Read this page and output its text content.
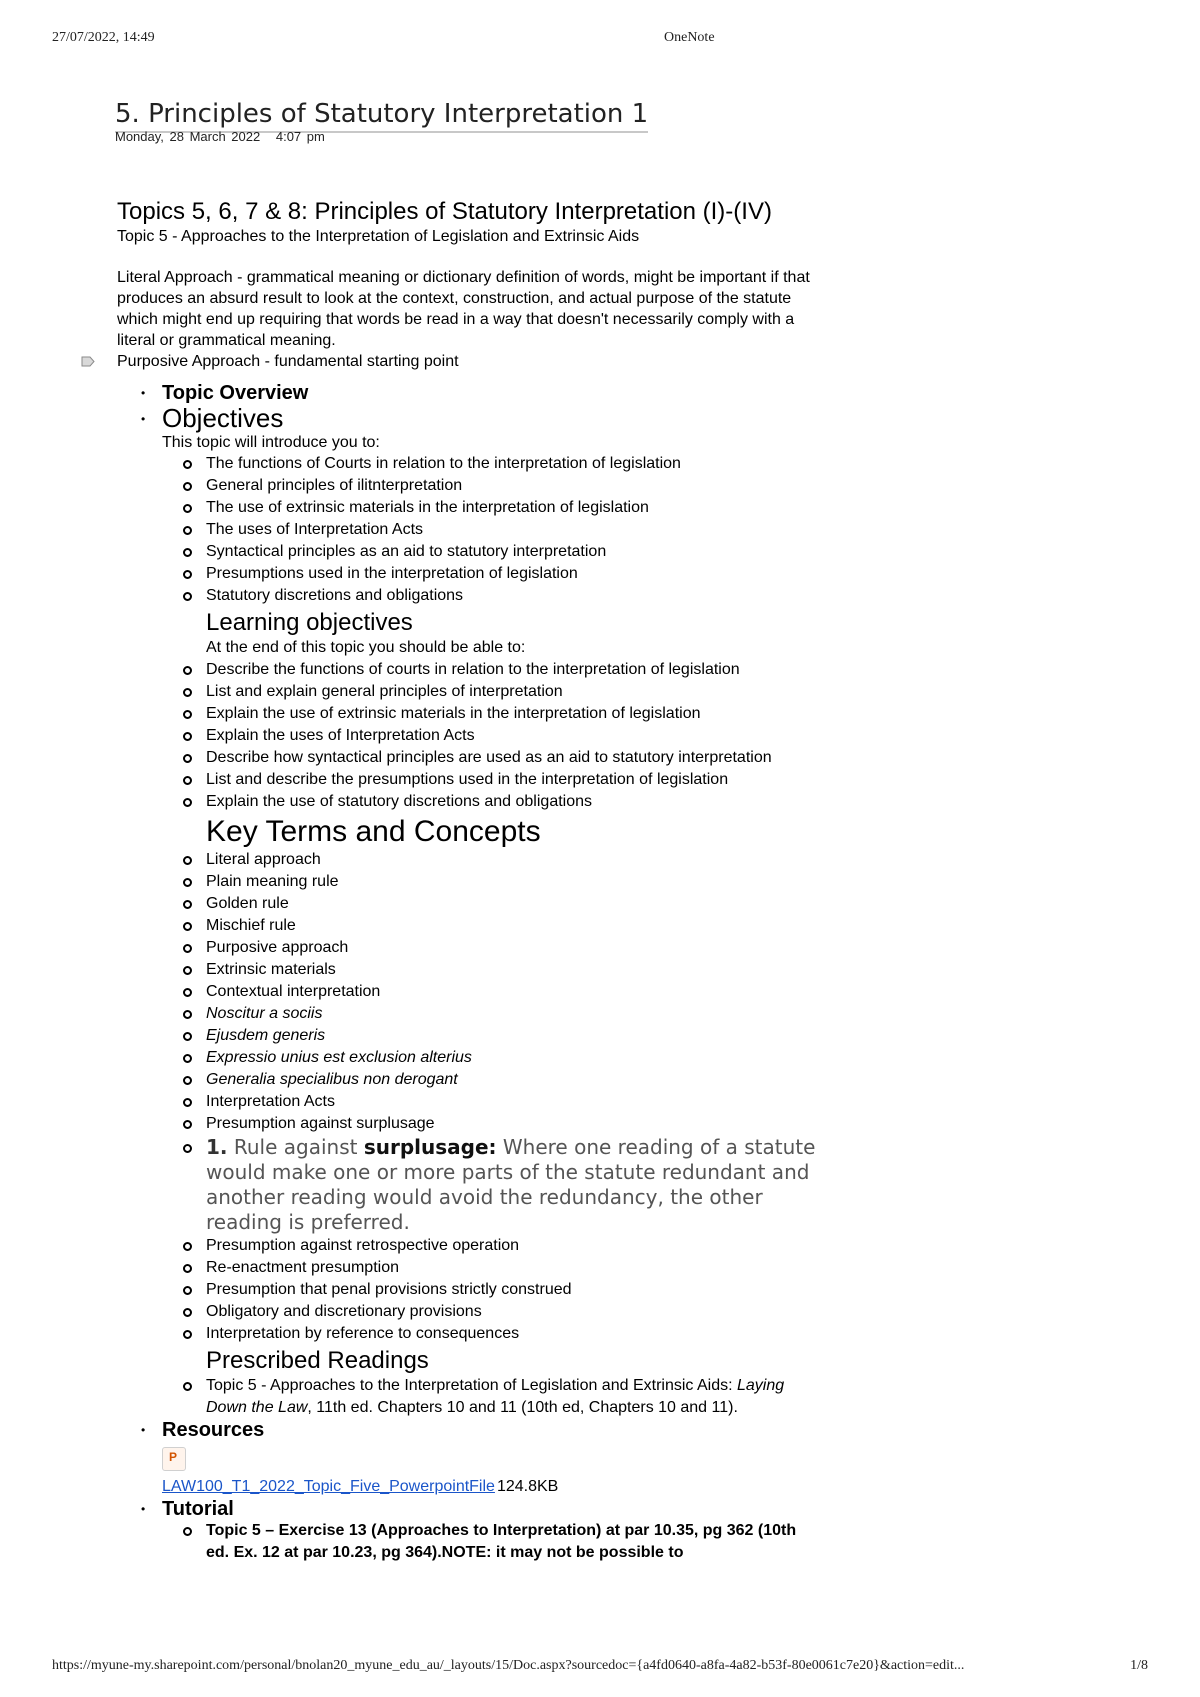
27/07/2022, 14:49	OneNote
5. Principles of Statutory Interpretation 1
Monday, 28 March 2022 4:07 pm
Topics 5, 6, 7 & 8: Principles of Statutory Interpretation (I)-(IV)

Topic 5 - Approaches to the Interpretation of Legislation and Extrinsic Aids

Literal Approach - grammatical meaning or dictionary definition of words, might be important if that produces an absurd result to look at the context, construction, and actual purpose of the statute which might end up requiring that words be read in a way that doesn't necessarily comply with a literal or grammatical meaning.

Purposive Approach - fundamental starting point

• Topic Overview
• Objectives
This topic will introduce you to:
The functions of Courts in relation to the interpretation of legislation
General principles of ilitnterpretation
The use of extrinsic materials in the interpretation of legislation
The uses of Interpretation Acts
Syntactical principles as an aid to statutory interpretation
Presumptions used in the interpretation of legislation
Statutory discretions and obligations
Learning objectives
At the end of this topic you should be able to:
Describe the functions of courts in relation to the interpretation of legislation
List and explain general principles of interpretation
Explain the use of extrinsic materials in the interpretation of legislation
Explain the uses of Interpretation Acts
Describe how syntactical principles are used as an aid to statutory interpretation
List and describe the presumptions used in the interpretation of legislation
Explain the use of statutory discretions and obligations
Key Terms and Concepts
Literal approach
Plain meaning rule
Golden rule
Mischief rule
Purposive approach
Extrinsic materials
Contextual interpretation
Noscitur a sociis
Ejusdem generis
Expressio unius est exclusion alterius
Generalia specialibus non derogant
Interpretation Acts
Presumption against surplusage
1. Rule against surplusage: Where one reading of a statute would make one or more parts of the statute redundant and another reading would avoid the redundancy, the other reading is preferred.
Presumption against retrospective operation
Re-enactment presumption
Presumption that penal provisions strictly construed
Obligatory and discretionary provisions
Interpretation by reference to consequences
Prescribed Readings
Topic 5 - Approaches to the Interpretation of Legislation and Extrinsic Aids: Laying Down the Law, 11th ed. Chapters 10 and 11 (10th ed, Chapters 10 and 11).
• Resources
P
LAW100_T1_2022_Topic_Five_PowerpointFile 124.8KB
• Tutorial
Topic 5 – Exercise 13 (Approaches to Interpretation) at par 10.35, pg 362 (10th ed. Ex. 12 at par 10.23, pg 364).NOTE: it may not be possible to
https://myune-my.sharepoint.com/personal/bnolan20_myune_edu_au/_layouts/15/Doc.aspx?sourcedoc={a4fd0640-a8fa-4a82-b53f-80e0061c7e20}&action=edit...	1/8
